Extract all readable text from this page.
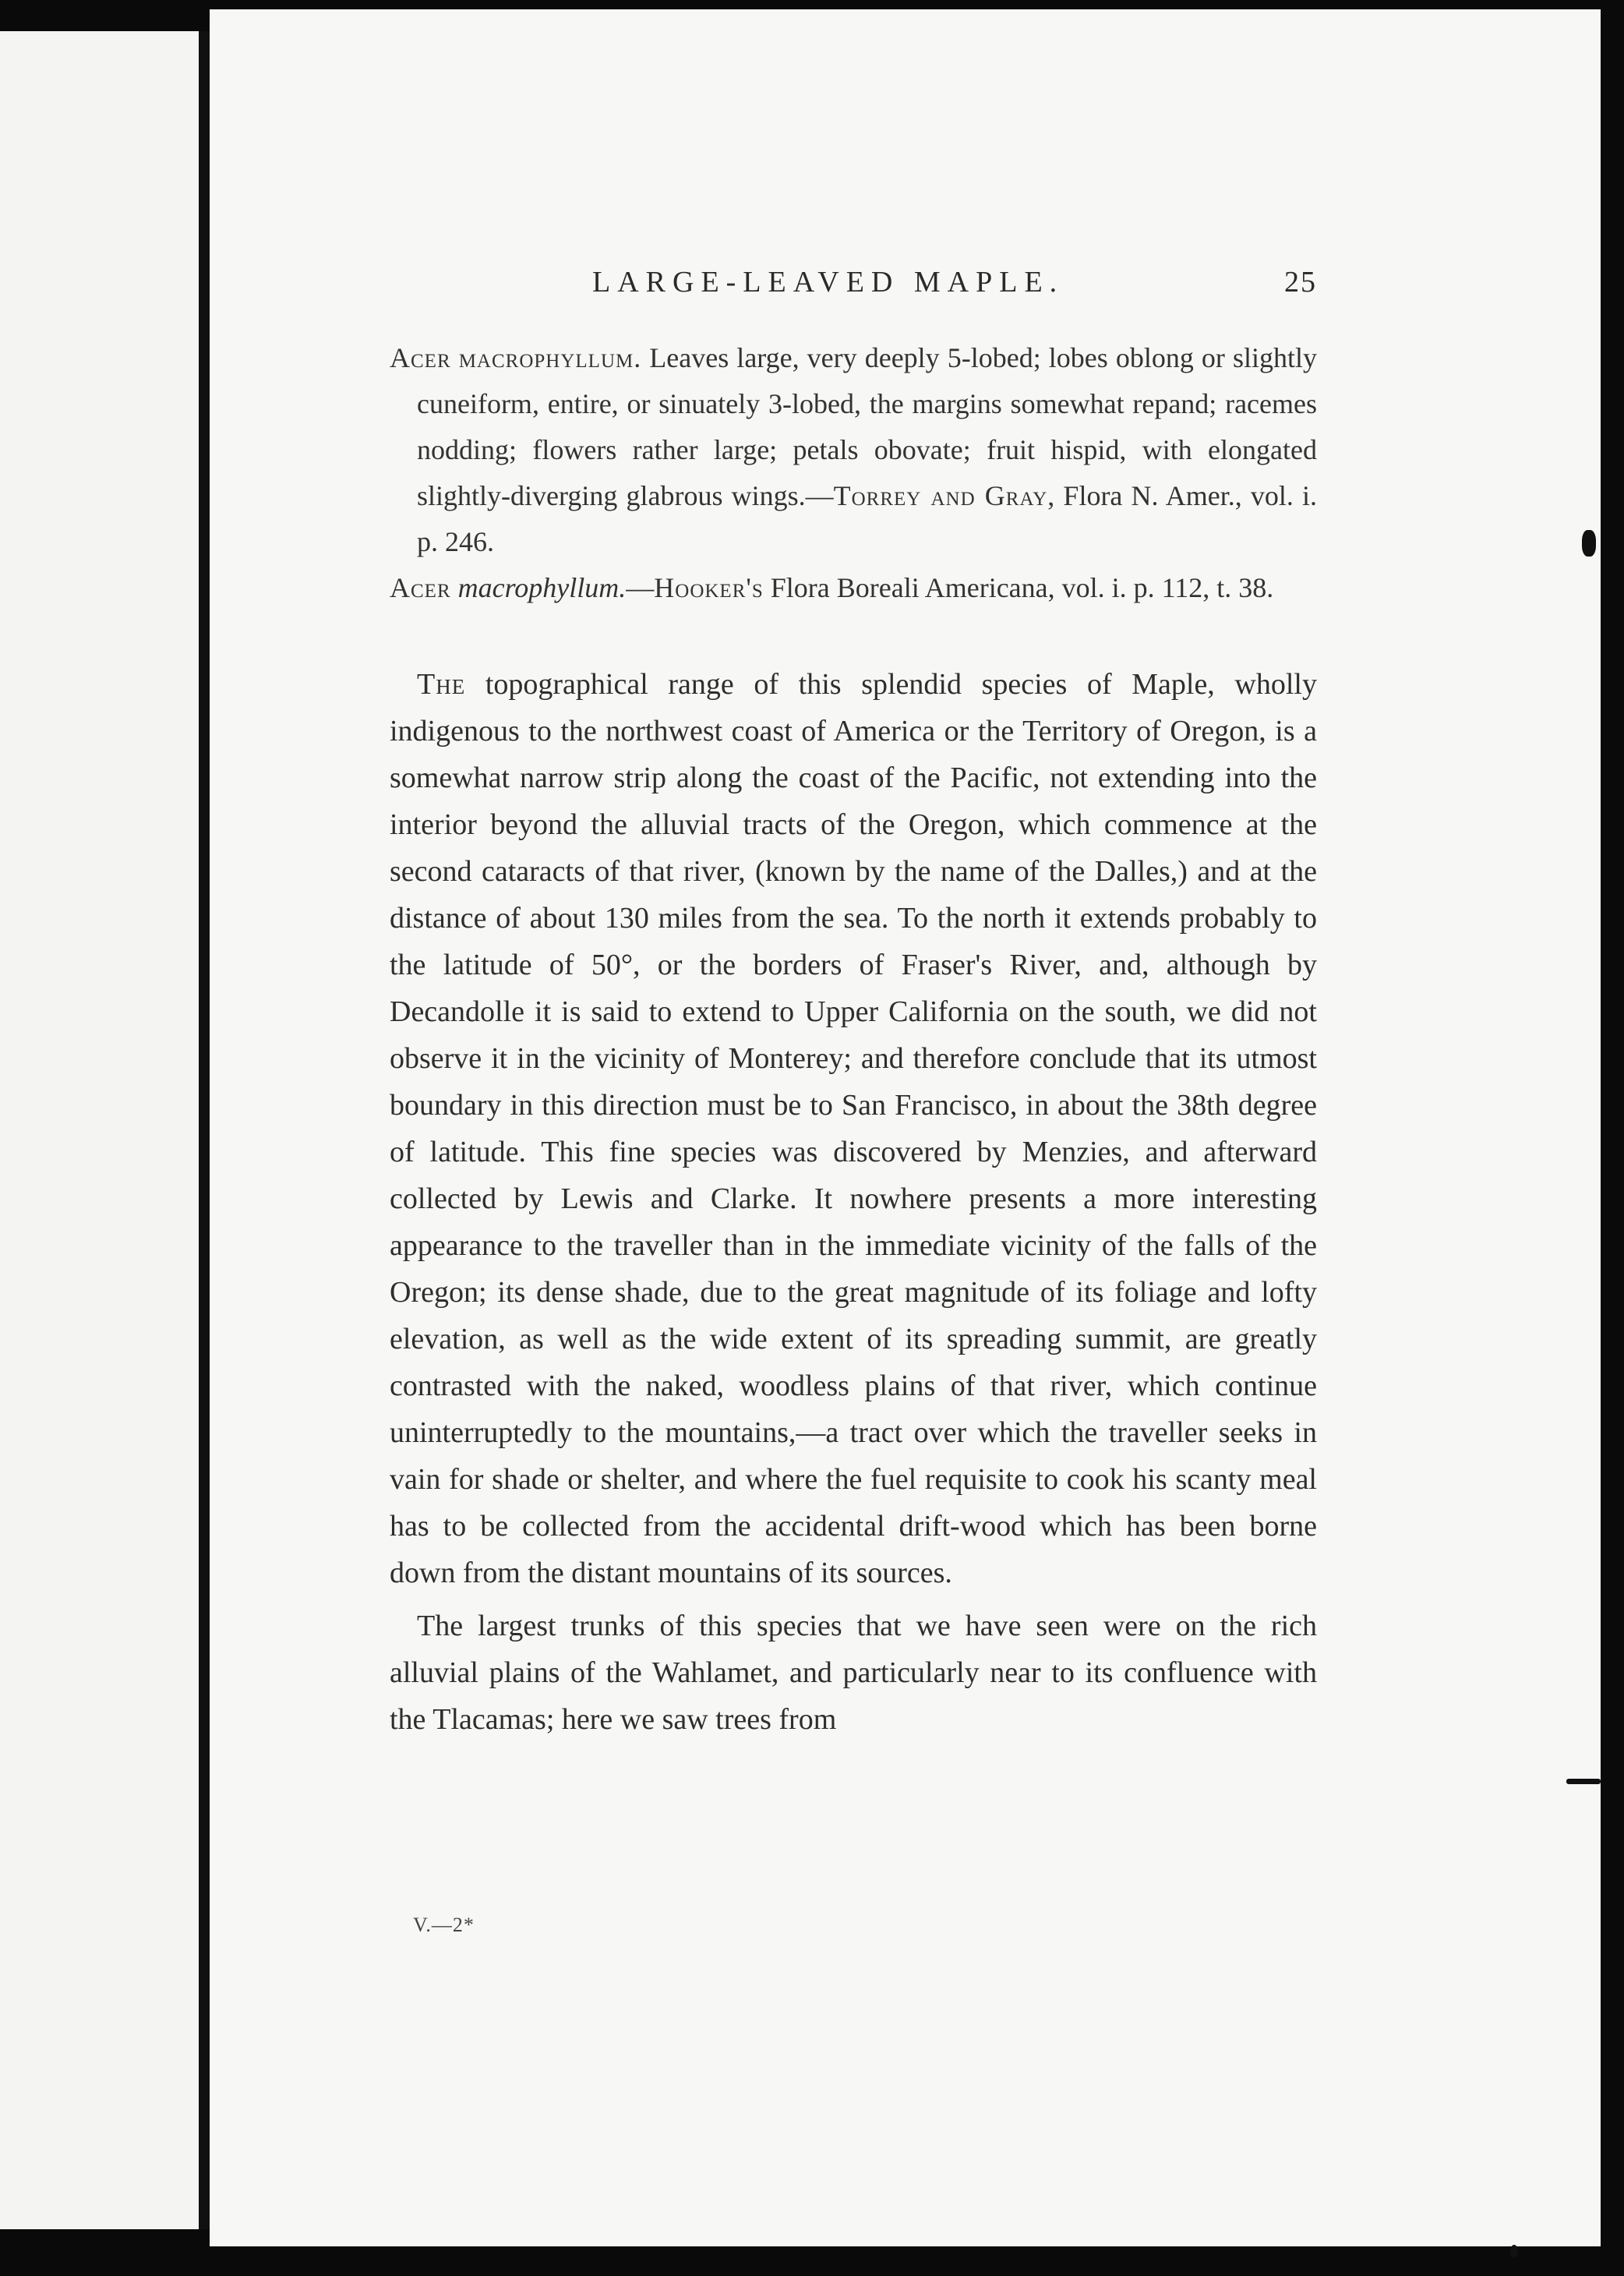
LARGE-LEAVED MAPLE.	25

Acer macrophyllum. Leaves large, very deeply 5-lobed; lobes oblong or slightly cuneiform, entire, or sinuately 3-lobed, the margins somewhat repand; racemes nodding; flowers rather large; petals obovate; fruit hispid, with elongated slightly-diverging glabrous wings.—Torrey and Gray, Flora N. Amer., vol. i. p. 246.

Acer macrophyllum.—Hooker's Flora Boreali Americana, vol. i. p. 112, t. 38.

The topographical range of this splendid species of Maple, wholly indigenous to the northwest coast of America or the Territory of Oregon, is a somewhat narrow strip along the coast of the Pacific, not extending into the interior beyond the alluvial tracts of the Oregon, which commence at the second cataracts of that river, (known by the name of the Dalles,) and at the distance of about 130 miles from the sea. To the north it extends probably to the latitude of 50°, or the borders of Fraser's River, and, although by Decandolle it is said to extend to Upper California on the south, we did not observe it in the vicinity of Monterey; and therefore conclude that its utmost boundary in this direction must be to San Francisco, in about the 38th degree of latitude. This fine species was discovered by Menzies, and afterward collected by Lewis and Clarke. It nowhere presents a more interesting appearance to the traveller than in the immediate vicinity of the falls of the Oregon; its dense shade, due to the great magnitude of its foliage and lofty elevation, as well as the wide extent of its spreading summit, are greatly contrasted with the naked, woodless plains of that river, which continue uninterruptedly to the mountains,—a tract over which the traveller seeks in vain for shade or shelter, and where the fuel requisite to cook his scanty meal has to be collected from the accidental drift-wood which has been borne down from the distant mountains of its sources.

The largest trunks of this species that we have seen were on the rich alluvial plains of the Wahlamet, and particularly near to its confluence with the Tlacamas; here we saw trees from

V.—2*
